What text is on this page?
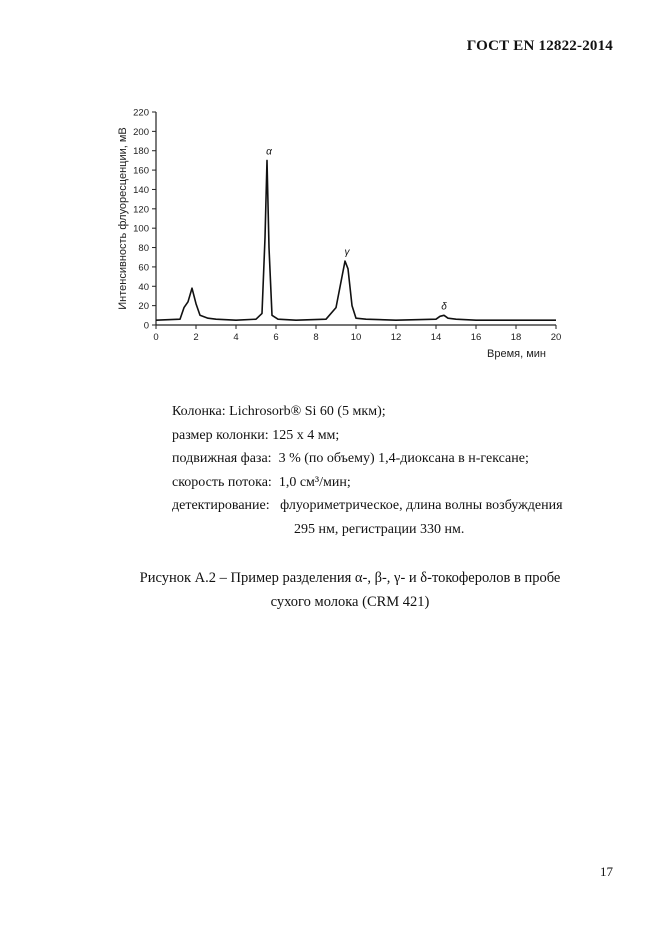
ГОСТ EN 12822-2014
0
20
40
60
80
100
120
140
160
180
200
220
0	2	4	6	8	10	12	14	16	18	20
Интенсивность флуоресценции, мВ
Время, мин
α
γ
δ
Колонка: Lichrosorb® Si 60 (5 мкм);
размер колонки: 125 x 4 мм;
подвижная фаза: 3 % (по объему) 1,4-диоксана в н-гексане;
скорость потока: 1,0 см³/мин;
детектирование: флуориметрическое, длина волны возбуждения
295 нм, регистрации 330 нм.
Рисунок А.2 – Пример разделения α-, β-, γ- и δ-токоферолов в пробе
сухого молока (CRM 421)
17
